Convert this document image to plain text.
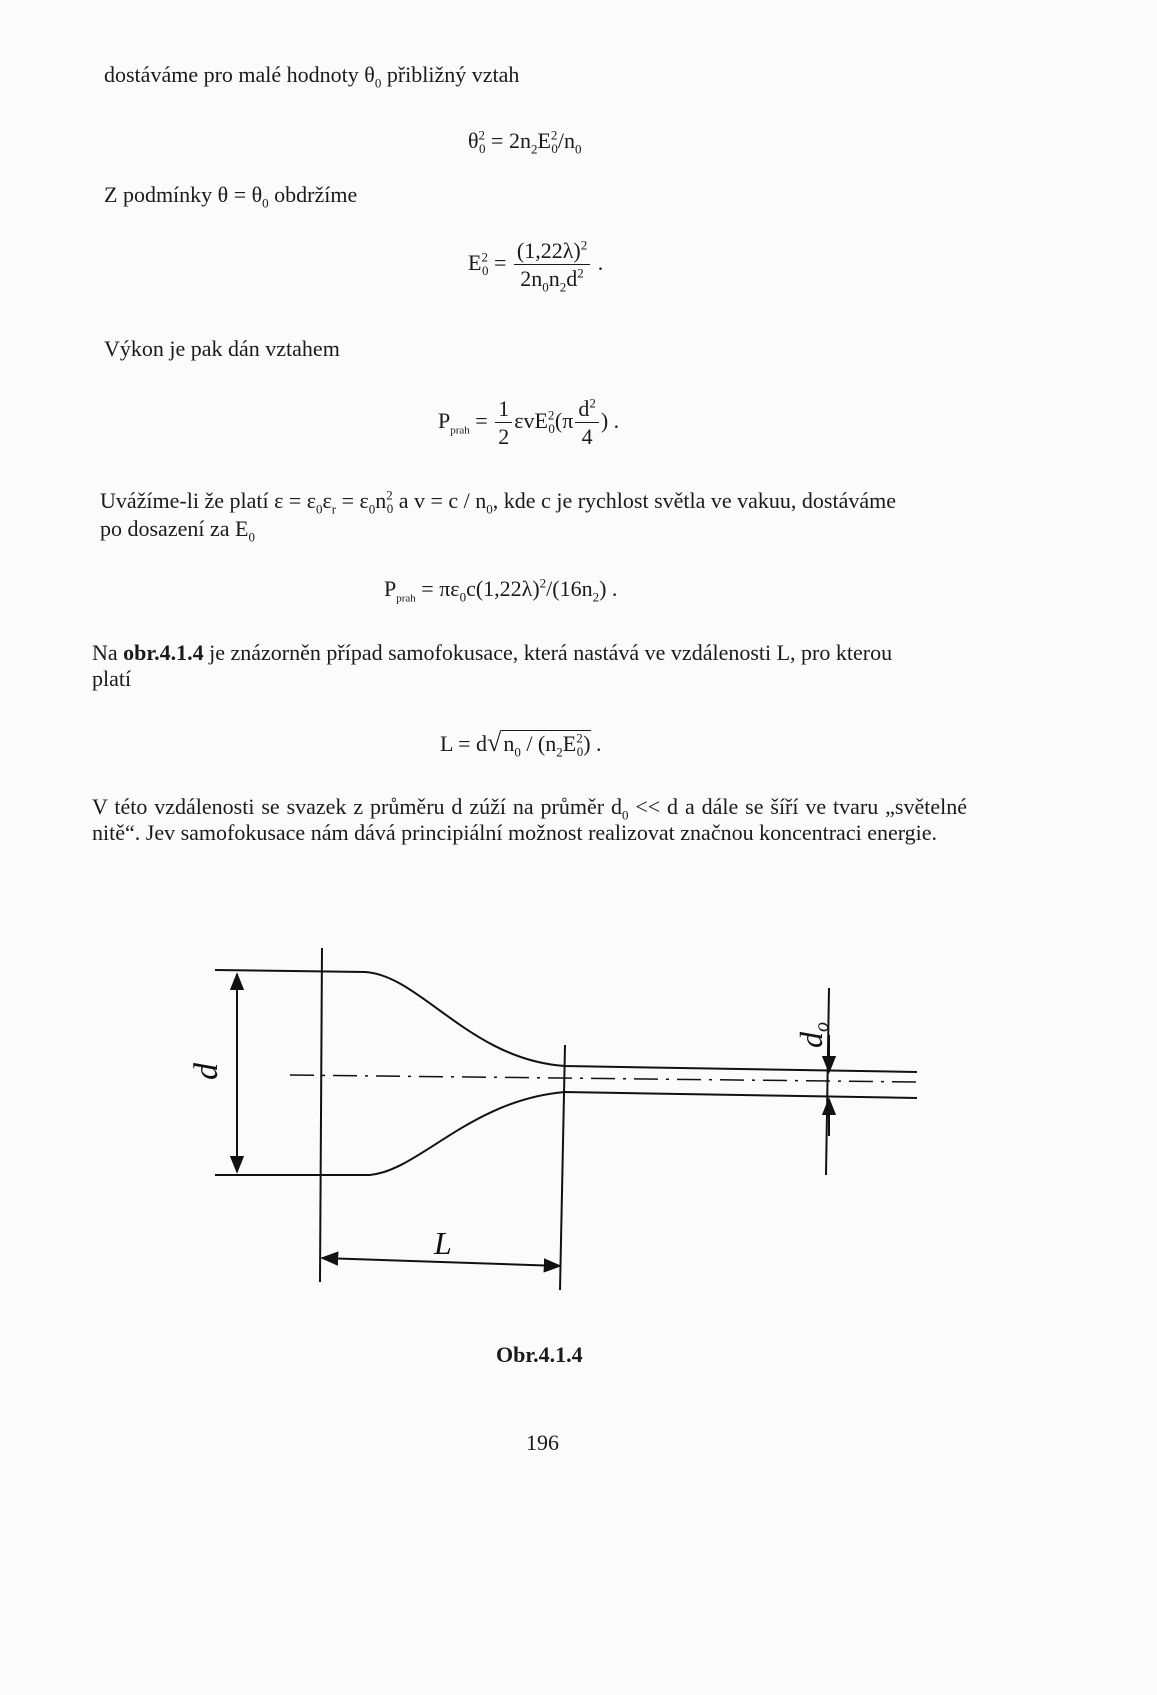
dostáváme pro malé hodnoty $\theta_0$ přibližný vztah
$\theta^2_0 = 2n_2E^2_0/n_0$
Z podmínky $\theta = \theta_0$ obdržíme
$E^2_0 = \frac{(1,22\lambda)^2}{2n_0n_2d^2}$ .
Výkon je pak dán vztahem
$P_{prah} = \frac{1}{2} \varepsilon vE^2_0(\pi \frac{d^2}{4}$ ) .
Uvážíme-li že platí $\varepsilon = \varepsilon_0\varepsilon_r = \varepsilon_0n^2_0$ a $v = c / n_0$, kde c je rychlost světla ve vakuu, dostáváme
po dosazení za $E_0$
$P_{prah} = \pi\varepsilon_0c(1,22\lambda)^2/(16n_2)$ .
Na obr.4.1.4 je znázorněn případ samofokusace, která nastává ve vzdálenosti L, pro kterou
platí
$L = d√n_0 / (n_2E^2_0)$ .
V této vzdálenosti se svazek z průměru d zúží na průměr $d_0 << d$ a dále se šíří ve tvaru „světelné nitě“. Jev samofokusace nám dává principiální možnost realizovat značnou koncentraci energie.
d
L
do
Obr.4.1.4
196
